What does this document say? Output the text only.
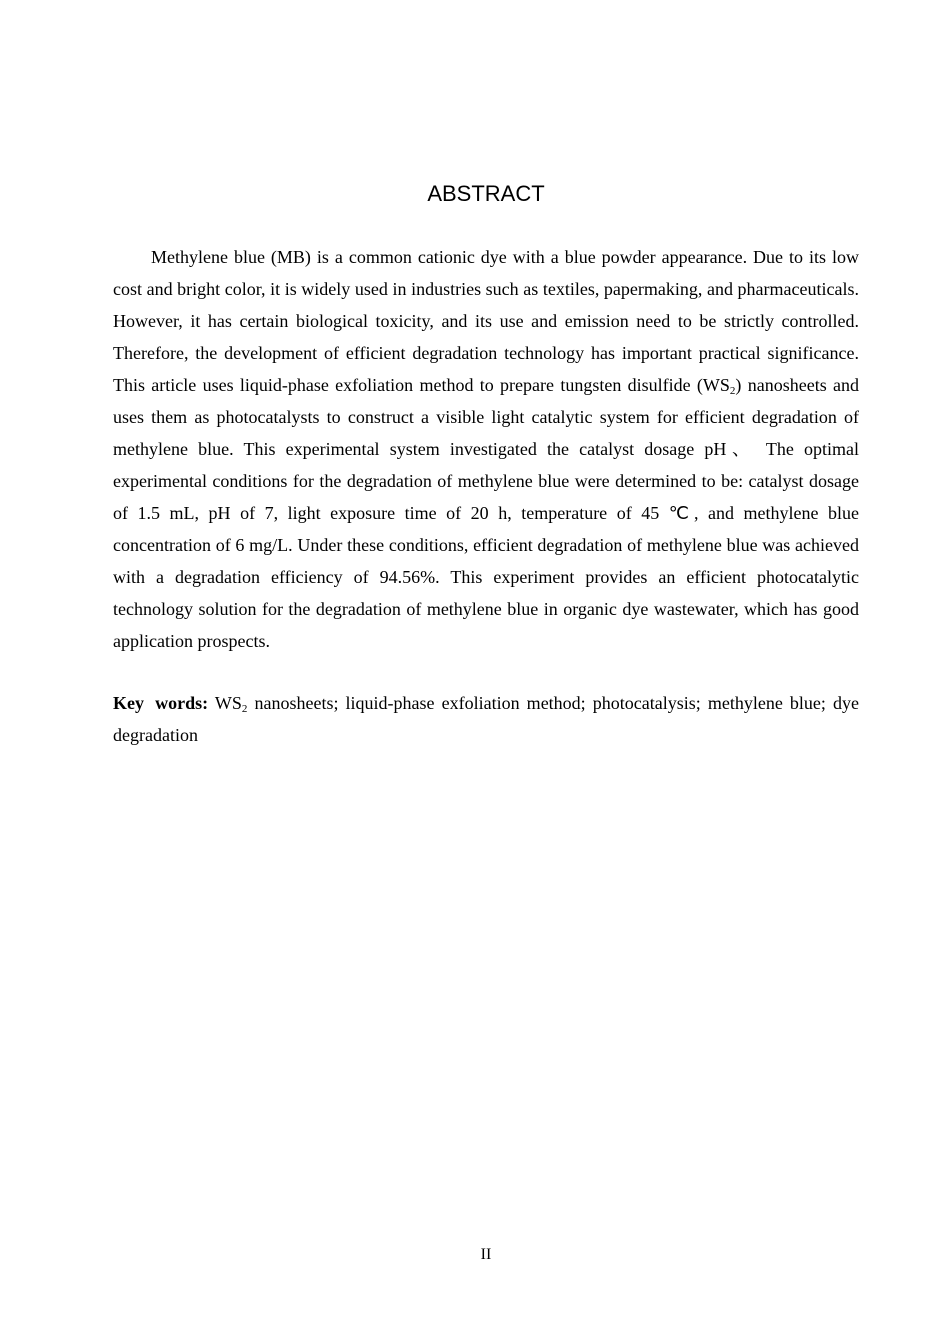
ABSTRACT

Methylene blue (MB) is a common cationic dye with a blue powder appearance. Due to its low cost and bright color, it is widely used in industries such as textiles, papermaking, and pharmaceuticals. However, it has certain biological toxicity, and its use and emission need to be strictly controlled. Therefore, the development of efficient degradation technology has important practical significance. This article uses liquid-phase exfoliation method to prepare tungsten disulfide $(WS_2)$ nanosheets and uses them as photocatalysts to construct a visible light catalytic system for efficient degradation of methylene blue. This experimental system investigated the catalyst dosage pH、 The optimal experimental conditions for the degradation of methylene blue were determined to be: catalyst dosage of 1.5 mL, pH of 7, light exposure time of 20 h, temperature of 45 ℃, and methylene blue concentration of 6 mg/L. Under these conditions, efficient degradation of methylene blue was achieved with a degradation efficiency of 94.56%. This experiment provides an efficient photocatalytic technology solution for the degradation of methylene blue in organic dye wastewater, which has good application prospects.

Key words: $WS_2$ nanosheets; liquid-phase exfoliation method; photocatalysis; methylene blue; dye degradation
II
